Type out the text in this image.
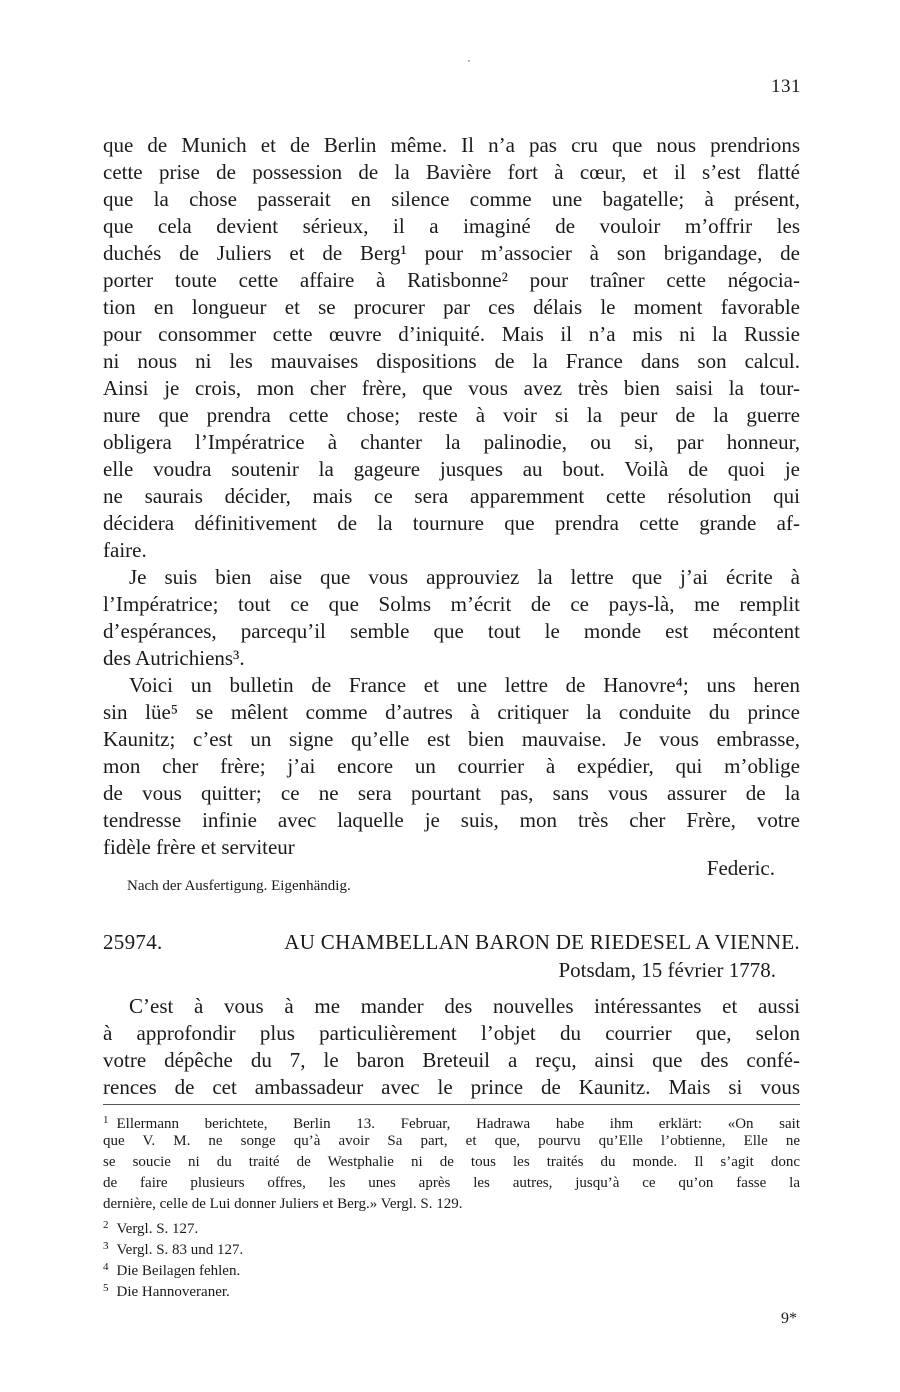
131
que de Munich et de Berlin même. Il n’a pas cru que nous prendrions
cette prise de possession de la Bavière fort à cœur, et il s’est flatté
que la chose passerait en silence comme une bagatelle; à présent,
que cela devient sérieux, il a imaginé de vouloir m’offrir les
duchés de Juliers et de Berg¹ pour m’associer à son brigandage, de
porter toute cette affaire à Ratisbonne² pour traîner cette négocia-
tion en longueur et se procurer par ces délais le moment favorable
pour consommer cette œuvre d’iniquité. Mais il n’a mis ni la Russie
ni nous ni les mauvaises dispositions de la France dans son calcul.
Ainsi je crois, mon cher frère, que vous avez très bien saisi la tour-
nure que prendra cette chose; reste à voir si la peur de la guerre
obligera l’Impératrice à chanter la palinodie, ou si, par honneur,
elle voudra soutenir la gageure jusques au bout. Voilà de quoi je
ne saurais décider, mais ce sera apparemment cette résolution qui
décidera définitivement de la tournure que prendra cette grande af-
faire.
Je suis bien aise que vous approuviez la lettre que j’ai écrite à
l’Impératrice; tout ce que Solms m’écrit de ce pays-là, me remplit
d’espérances, parcequ’il semble que tout le monde est mécontent
des Autrichiens³.
Voici un bulletin de France et une lettre de Hanovre⁴; uns heren
sin lüe⁵ se mêlent comme d’autres à critiquer la conduite du prince
Kaunitz; c’est un signe qu’elle est bien mauvaise. Je vous embrasse,
mon cher frère; j’ai encore un courrier à expédier, qui m’oblige
de vous quitter; ce ne sera pourtant pas, sans vous assurer de la
tendresse infinie avec laquelle je suis, mon très cher Frère, votre
fidèle frère et serviteur
Federic.
Nach der Ausfertigung. Eigenhändig.
25974.	AU CHAMBELLAN BARON DE RIEDESEL A VIENNE.
Potsdam, 15 février 1778.
C’est à vous à me mander des nouvelles intéressantes et aussi
à approfondir plus particulièrement l’objet du courrier que, selon
votre dépêche du 7, le baron Breteuil a reçu, ainsi que des confé-
rences de cet ambassadeur avec le prince de Kaunitz. Mais si vous
$^1$ Ellermann berichtete, Berlin 13. Februar, Hadrawa habe ihm erklärt: «On sait
que V. M. ne songe qu’à avoir Sa part, et que, pourvu qu’Elle l’obtienne, Elle ne
se soucie ni du traité de Westphalie ni de tous les traités du monde. Il s’agit donc
de faire plusieurs offres, les unes après les autres, jusqu’à ce qu’on fasse la
dernière, celle de Lui donner Juliers et Berg.» Vergl. S. 129.
$^2$ Vergl. S. 127.
$^3$ Vergl. S. 83 und 127.
$^4$ Die Beilagen fehlen.
$^5$ Die Hannoveraner.
9*
